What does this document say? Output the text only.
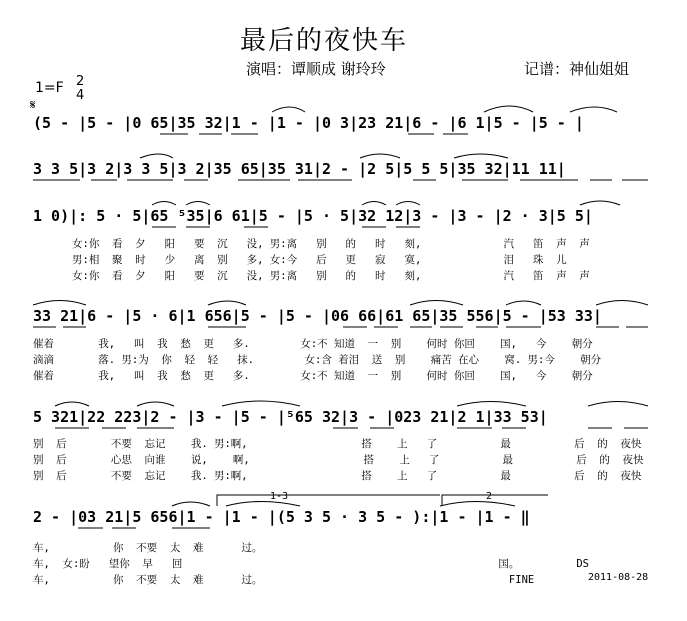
最后的夜快车
演唱：谭顺成 谢玲玲	记谱：神仙姐姐
1=F 2
4
𝄋
(5 - |5 - |0 65|35 32|1 - |1 - |0 3|23 21|6 - |6 1|5 - |5 - |
3 3 5|3 2|3 3 5|3 2|35 65|35 31|2 - |2 5|5 5 5|35 32|11 11|
1 0)|: 5 · 5|65 ⁵35|6 61|5 - |5 · 5|32 12|3 - |3 - |2 · 3|5 5|
女:你  看  夕   阳   要  沉   没, 男:离   别   的   时   刻,             汽   笛  声  声
男:相  聚  时   少   离  别   多, 女:今   后   更   寂   寞,             泪   珠  儿
女:你  看  夕   阳   要  沉   没, 男:离   别   的   时   刻,             汽   笛  声  声
33 21|6 - |5 · 6|1 656|5 - |5 - |06 66|61 65|35 556|5 - |53 33|
催着       我,   叫  我  愁  更   多.        女:不 知道  一  别    何时 你回    国,   今    朝分
滴滴       落. 男:为  你  轻  轻   抹.        女:含 着泪  送  别    痛苦 在心    窝. 男:今    朝分
催着       我,   叫  我  愁  更   多.        女:不 知道  一  别    何时 你回    国,   今    朝分
5 321|22 223|2 - |3 - |5 - |⁵65 32|3 - |023 21|2 1|33 53|
别  后       不要  忘记    我. 男:啊,                  搭    上   了          最          后  的  夜快
别  后       心思  向谁    说,    啊,                  搭    上   了          最          后  的  夜快
别  后       不要  忘记    我. 男:啊,                  搭    上   了          最          后  的  夜快
2 - |03 21|5 656|1 - |1 - |(5 3 5 · 3 5 - ):|1 - |1 - ‖
车,          你  不要  太  难      过。
车,  女:盼   望你  早   回                                                  国。         DS
车,          你  不要  太  难      过。                                       FINE
1-3	2
2011-08-28
